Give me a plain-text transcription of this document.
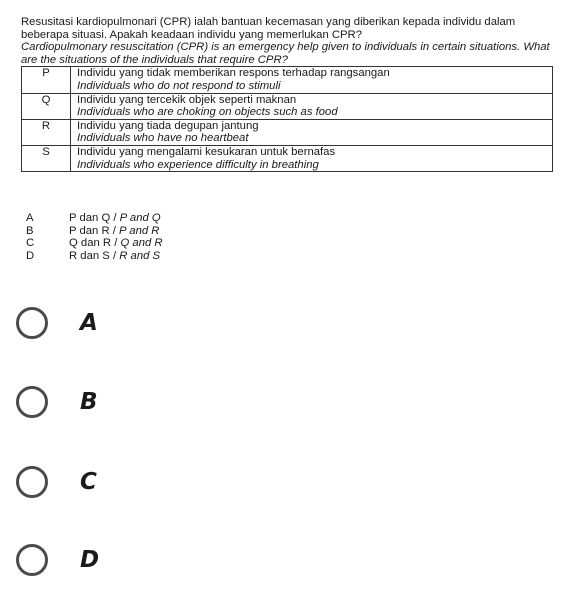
Resusitasi kardiopulmonari (CPR) ialah bantuan kecemasan yang diberikan kepada individu dalam beberapa situasi. Apakah keadaan individu yang memerlukan CPR?

Cardiopulmonary resuscitation (CPR) is an emergency help given to individuals in certain situations. What are the situations of the individuals that require CPR?

P	Individu yang tidak memberikan respons terhadap rangsangan
Individuals who do not respond to stimuli

Q	Individu yang tercekik objek seperti maknan
Individuals who are choking on objects such as food

R	Individu yang tiada degupan jantung
Individuals who have no heartbeat

S	Individu yang mengalami kesukaran untuk bernafas
Individuals who experience difficulty in breathing
A	P dan Q /
P and Q
B	P dan R /
P and R
C	Q dan R /
Q and R
D	R dan S /
R and S
A
B
C
D
